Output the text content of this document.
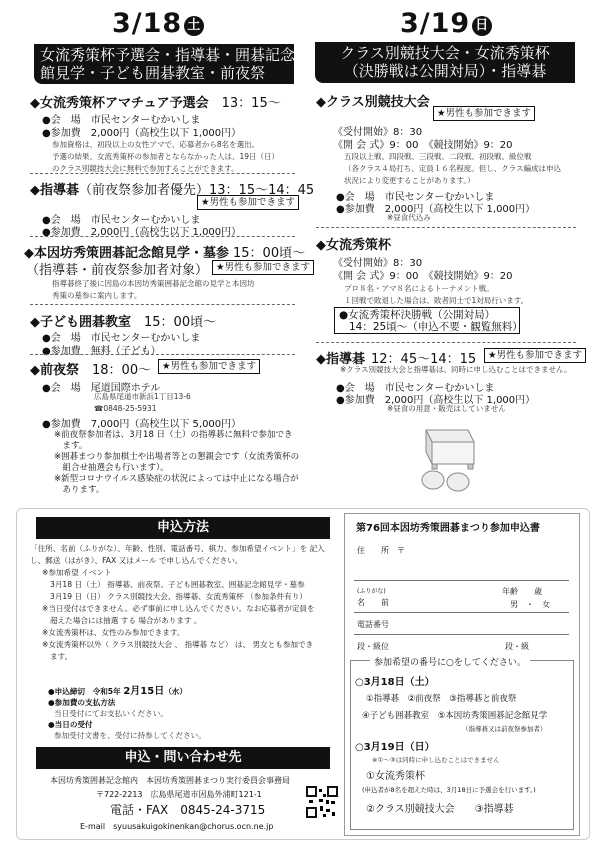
3/18 土
女流秀策杯予選会・指導碁・囲碁記念
館見学・子ども囲碁教室・前夜祭
◆女流秀策杯アマチュア予選会　 13：15〜
●会　場　市民センターむかいしま
●参加費　2,000円（高校生以下 1,000円）
参加資格は、初段以上の女性アマで、応募者から8名を選出。
予選の結果、女流秀策杯の参加者とならなかった人は、19日（日）
のクラス別競技大会に無料で参加することができます。
◆指導碁（前夜祭参加者優先）13：15〜14：45
★男性も参加できます
●会　場　市民センターむかいしま
●参加費　2,000円（高校生以下 1,000円）
◆本因坊秀策囲碁記念館見学・墓参 15：00頃〜
（指導碁・前夜祭参加者対象） ★男性も参加できます
指導碁終了後に因島の本因坊秀策囲碁記念館の見学と本因坊
秀策の墓参に案内します。
◆子ども囲碁教室　 15：00頃〜
●会　場　市民センターむかいしま
●参加費　無料（子ども）
◆前夜祭　 18：00〜	★男性も参加できます
●会　場　尾道国際ホテル
広島県尾道市新浜1丁目13-6
☎0848-25-5931
●参加費　7,000円（高校生以下 5,000円）
※前夜祭参加者は、3月18 日（土）の指導碁に無料で参加でき
　ます。
※囲碁まつり参加棋士や出場者等との懇親会です（女流秀策杯の
　組合せ抽選会も行います）。
※新型コロナウイルス感染症の状況によっては中止になる場合が
　あります。
3/19 日
クラス別競技大会・女流秀策杯
（決勝戦は公開対局）・指導碁
◆クラス別競技大会
★男性も参加できます
《受付開始》8：30
《開 会 式》9：00　《競技開始》9：20
五段以上戦、四段戦、三段戦、二段戦、初段戦、級位戦
（各クラス４局打ち、定員１６名程度。但し、クラス編成は申込
状況により変更することがあります。）
●会　場　市民センターむかいしま
●参加費　2,000円（高校生以下 1,000円）
※昼食代込み
◆女流秀策杯
《受付開始》8：30
《開 会 式》9：00　《競技開始》9：20
プロ８名・アマ８名によるトーナメント戦。
１回戦で敗退した場合は、敗者同士で1対局行います。
●女流秀策杯決勝戦（公開対局）
14：25頃〜（申込不要・観覧無料）
◆指導碁 12：45〜14：15	★男性も参加できます
※クラス別競技大会と指導碁は、同時に申し込むことはできません。
●会　場　市民センターむかいしま
●参加費　2,000円（高校生以下 1,000円）
※昼食の用意・販売はしていません
申込方法
「住所、名前（ふりがな）、年齢、性別、電話番号、棋力、参加希望イベント」を 記入
し、郵送（はがき）、FAX 又はメール で申し込んでください。
※参加希望 イベント
3月18 日（土） 指導碁、前夜祭、子ども囲碁教室、囲碁記念館見学・墓参
3月19 日（日） クラス別競技大会、指導碁、女流秀策杯 （参加条件有り）
※当日受付はできません。必ず事前に申し込んでください。なお応募者が定員を
超えた場合には抽選 する 場合があります 。
※女流秀策杯は、女性のみ参加できます。
※女流秀策杯以外（ クラス別競技大会 、 指導碁 など） は、 男女とも参加でき
ます。
●申込締切　令和5年 2月15日（水）
●参加費の支払方法
当日受付にてお支払いください。
●当日の受付
参加受付文書を、受付に持参してください。
申込・問い合わせ先
本因坊秀策囲碁記念館内　本因坊秀策囲碁まつり実行委員会事務局
〒722-2213　広島県尾道市因島外浦町121-1
電話・FAX　0845-24-3715
E-mail　 syuusakuigokinenkan@chorus.ocn.ne.jp
第76回本因坊秀策囲碁まつり参加申込書
住　　所　〒
(ふりがな)
名　　前
年齢　　歳
男　・　女
電話番号
段・級位	段・級
参加希望の番号に○をしてください。
○3月18日（土）
①指導碁　②前夜祭　③指導碁と前夜祭
④子ども囲碁教室　⑤本因坊秀策囲碁記念館見学
（指導碁又は前夜祭参加者）
○3月19日（日）
※①〜③は同時に申し込むことはできません
①女流秀策杯
(申込者が8名を超えた時は、3月18日に予選会を行います。)
②クラス別競技大会　　③指導碁
